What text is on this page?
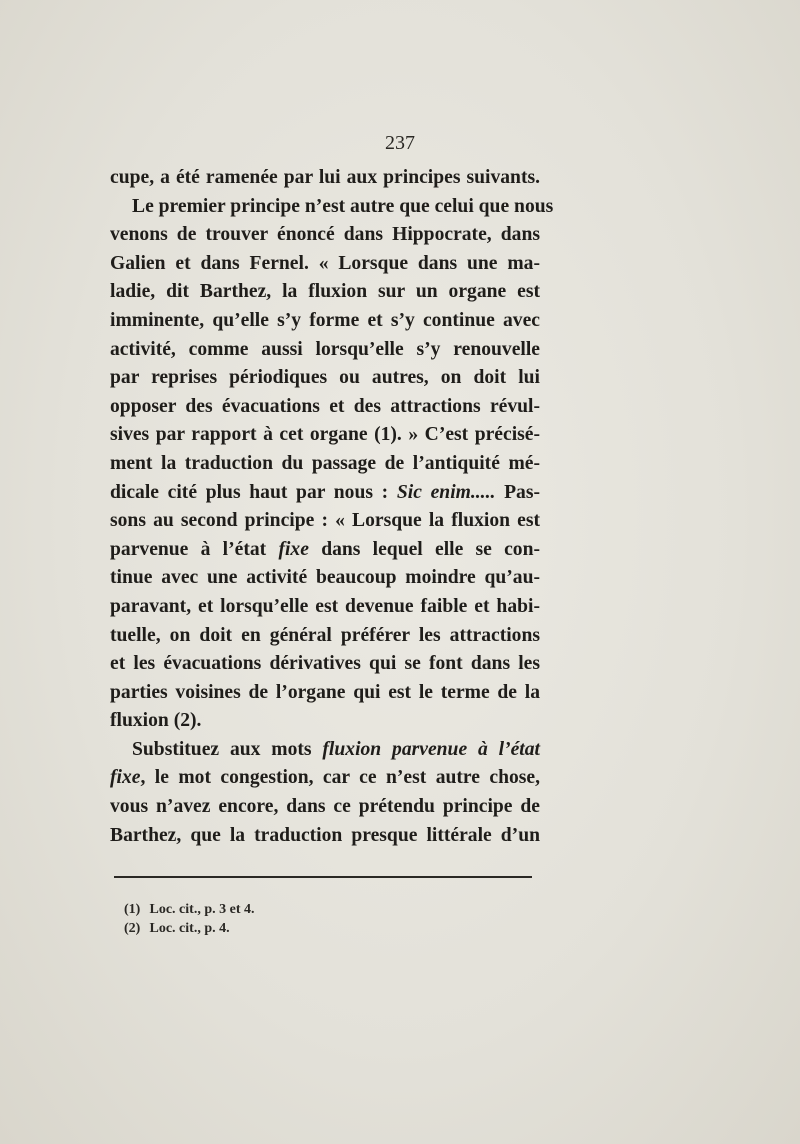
237
cupe, a été ramenée par lui aux principes suivants.
Le premier principe n’est autre que celui que nous
venons de trouver énoncé dans Hippocrate, dans
Galien et dans Fernel. « Lorsque dans une ma-
ladie, dit Barthez, la fluxion sur un organe est
imminente, qu’elle s’y forme et s’y continue avec
activité, comme aussi lorsqu’elle s’y renouvelle
par reprises périodiques ou autres, on doit lui
opposer des évacuations et des attractions révul-
sives par rapport à cet organe (1). » C’est précisé-
ment la traduction du passage de l’antiquité mé-
dicale cité plus haut par nous : Sic enim..... Pas-
sons au second principe : « Lorsque la fluxion est
parvenue à l’état fixe dans lequel elle se con-
tinue avec une activité beaucoup moindre qu’au-
paravant, et lorsqu’elle est devenue faible et habi-
tuelle, on doit en général préférer les attractions
et les évacuations dérivatives qui se font dans les
parties voisines de l’organe qui est le terme de la
fluxion (2).
Substituez aux mots fluxion parvenue à l’état
fixe, le mot congestion, car ce n’est autre chose,
vous n’avez encore, dans ce prétendu principe de
Barthez, que la traduction presque littérale d’un
(1) Loc. cit., p. 3 et 4.
(2) Loc. cit., p. 4.
